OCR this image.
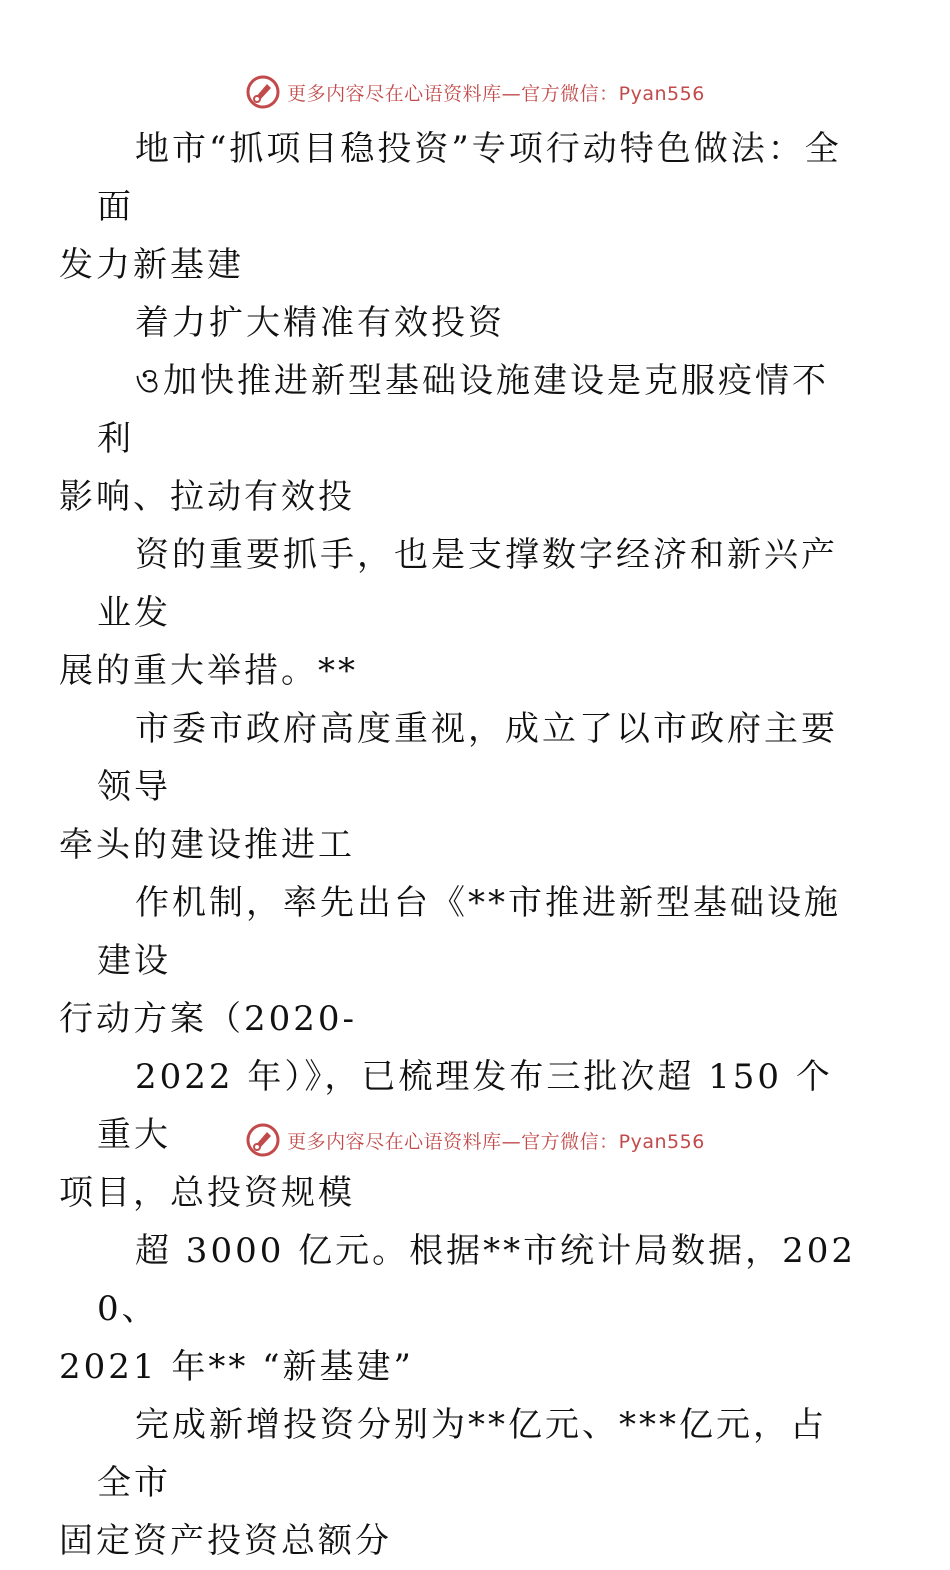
更多内容尽在心语资料库—官方微信：Pyan556

地市“抓项目稳投资”专项行动特色做法：全面
发力新基建

着力扩大精准有效投资

ও加快推进新型基础设施建设是克服疫情不利
影响、拉动有效投

资的重要抓手，也是支撑数字经济和新兴产业发
展的重大举措。**

市委市政府高度重视，成立了以市政府主要领导
牵头的建设推进工

作机制，率先出台《**市推进新型基础设施建设
行动方案（2020-

2022 年）》，已梳理发布三批次超 150 个重大
项目，总投资规模

超 3000 亿元。根据**市统计局数据，2020、
2021 年** “新基建”

完成新增投资分别为**亿元、***亿元，占全市
固定资产投资总额分

更多内容尽在心语资料库—官方微信：Pyan556
